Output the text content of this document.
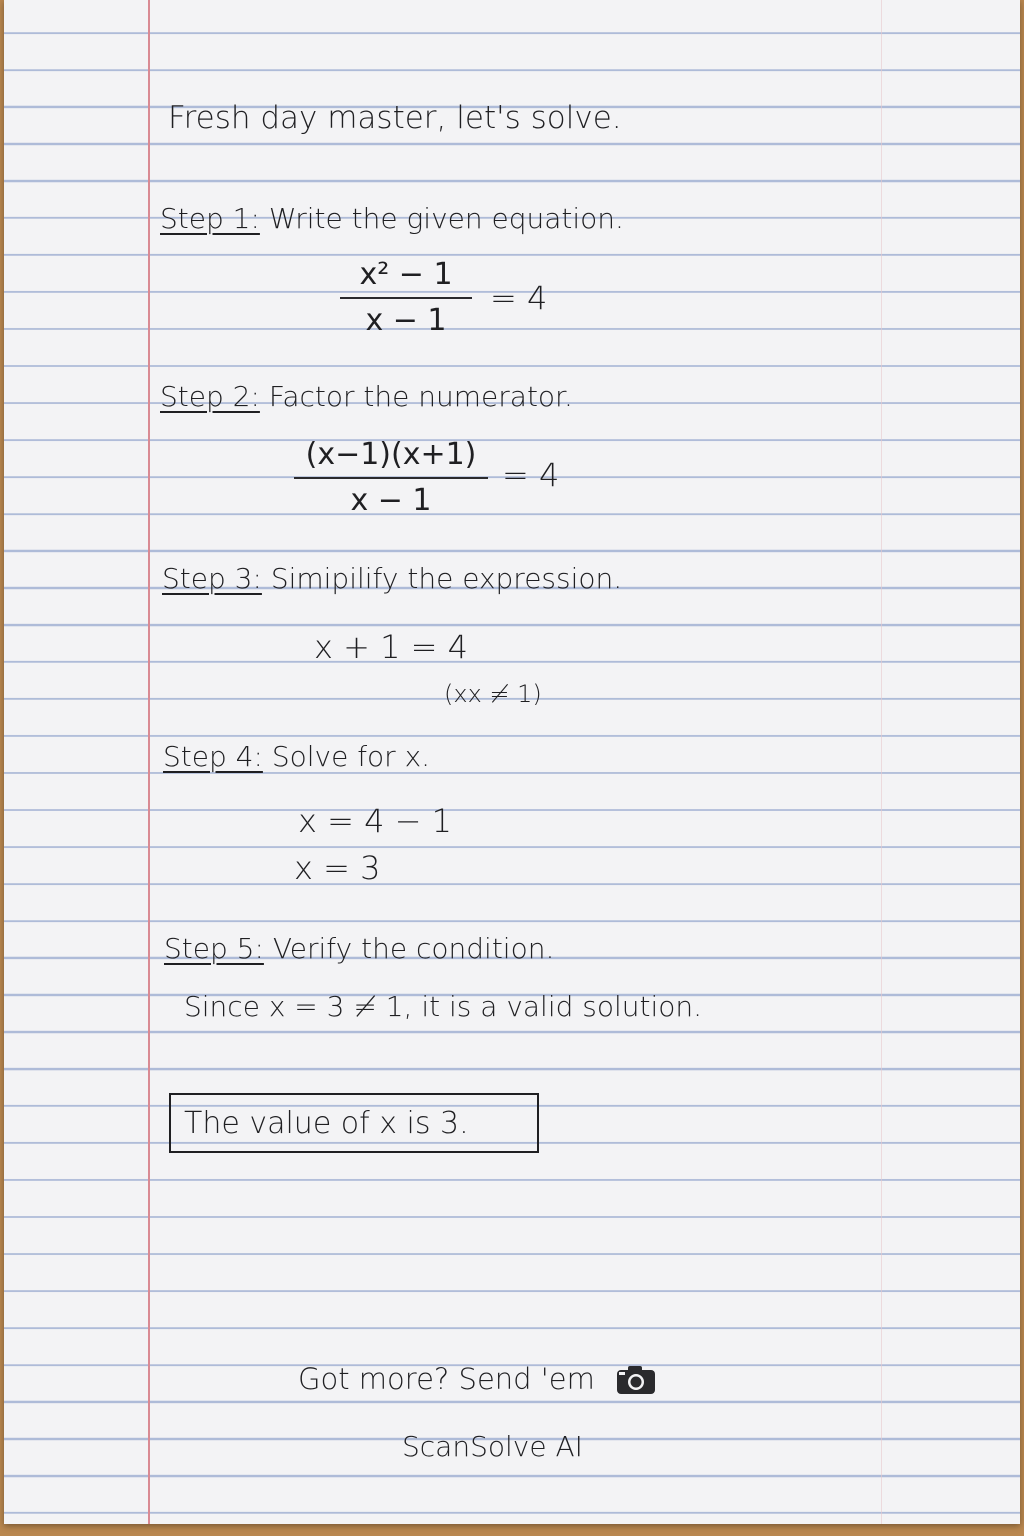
Fresh day master, let's solve.
Step 1: Write the given equation.
x² − 1
x − 1
= 4
Step 2: Factor the numerator.
(x−1)(x+1)
x − 1
= 4
Step 3: Simipilify the expression.
x + 1 = 4
(xx ≠ 1)
Step 4: Solve for x.
x = 4 − 1
x = 3
Step 5: Verify the condition.
Since x = 3 ≠ 1, it is a valid solution.
The value of x is 3.
Got more? Send 'em
ScanSolve AI
